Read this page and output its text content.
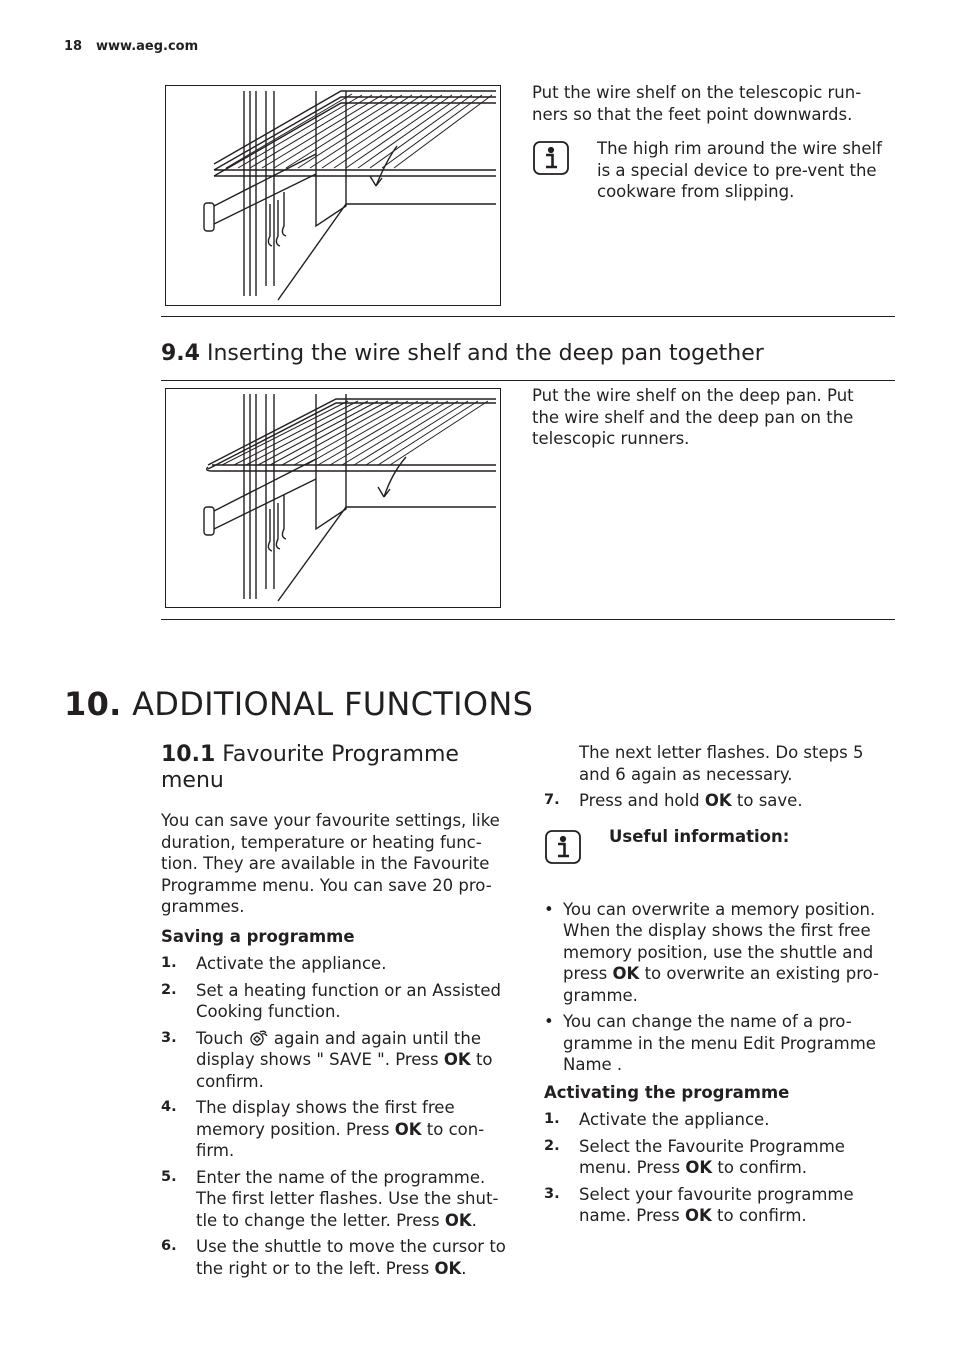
18 www.aeg.com
Put the wire shelf on the telescopic run-ners so that the feet point downwards.
The high rim around the wire shelf is a special device to pre-vent the cookware from slipping.
9.4 Inserting the wire shelf and the deep pan together
Put the wire shelf on the deep pan. Put the wire shelf and the deep pan on the telescopic runners.
10. ADDITIONAL FUNCTIONS
10.1 Favourite Programme menu
You can save your favourite settings, like duration, temperature or heating func-tion. They are available in the Favourite Programme menu. You can save 20 pro-grammes.
Saving a programme
1. Activate the appliance.
2. Set a heating function or an Assisted Cooking function.
3. Touch again and again until the display shows " SAVE ". Press OK to confirm.
4. The display shows the first free memory position. Press OK to con-firm.
5. Enter the name of the programme. The first letter flashes. Use the shut-tle to change the letter. Press OK.
6. Use the shuttle to move the cursor to the right or to the left. Press OK.
The next letter flashes. Do steps 5 and 6 again as necessary.
7. Press and hold OK to save.
Useful information:
• You can overwrite a memory position. When the display shows the first free memory position, use the shuttle and press OK to overwrite an existing pro-gramme.
• You can change the name of a pro-gramme in the menu Edit Programme Name .
Activating the programme
1. Activate the appliance.
2. Select the Favourite Programme menu. Press OK to confirm.
3. Select your favourite programme name. Press OK to confirm.
